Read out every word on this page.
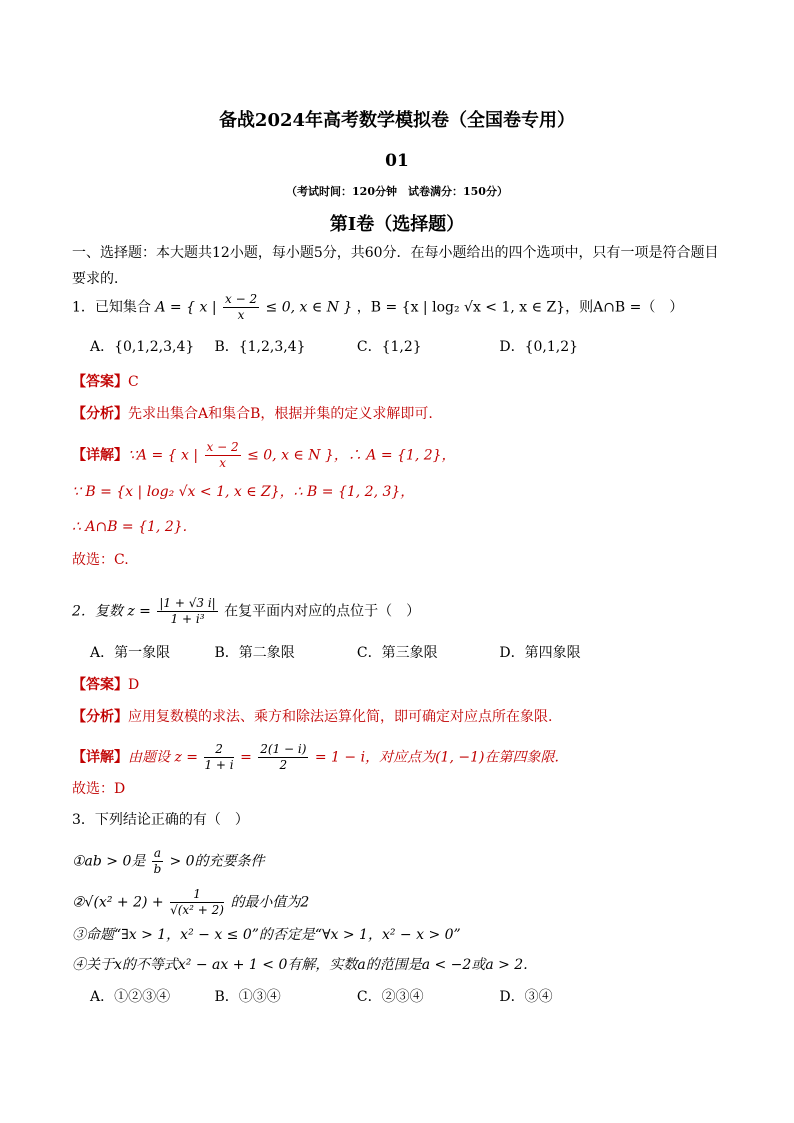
备战2024年高考数学模拟卷（全国卷专用）
01
（考试时间：120分钟　试卷满分：150分）
第I卷（选择题）
一、选择题：本大题共12小题，每小题5分，共60分．在每小题给出的四个选项中，只有一项是符合题目要求的．
1．已知集合 A = { x | $\frac{x - 2}{x} \le 0$, x ∈ N } ，B = {x | log₂ √x < 1, x ∈ Z}，则A∩B =（　）
A．{0,1,2,3,4} B．{1,2,3,4}	C．{1,2}	D．{0,1,2}
【答案】C
【分析】先求出集合A和集合B，根据并集的定义求解即可.
【详解】∵A = { x | $\frac{x - 2}{x} \le 0$, x ∈ N }，∴ A = {1, 2}，
∵ B = {x | log₂ √x < 1, x ∈ Z}，∴ B = {1, 2, 3}，
∴ A∩B = {1, 2}.
故选：C.
2．复数 $z = \frac{|1 + √3 i|}{\text{1 + i³}}$ 在复平面内对应的点位于（　）
A．第一象限	B．第二象限	C．第三象限	D．第四象限
【答案】D
【分析】应用复数模的求法、乘方和除法运算化简，即可确定对应点所在象限.
【详解】由题设 $z = \frac{2}{1 + i} = \frac{2(1 - i)}{2} = 1 - i$，对应点为(1, −1)在第四象限.
故选：D
3．下列结论正确的有（　）
①ab > 0是 $\frac{a}{b} > 0$的充要条件
②√(x² + $2) + \frac{1}{\text{√(x² + 2)}}$ 的最小值为2
③命题“∃x > 1，x² − x ≤ 0”的否定是“∀x > 1，x² − x > 0”
④关于x的不等式x² − ax + 1 < 0有解，实数a的范围是a < −2或a > 2.
A．①②③④	B．①③④	C．②③④	D．③④
